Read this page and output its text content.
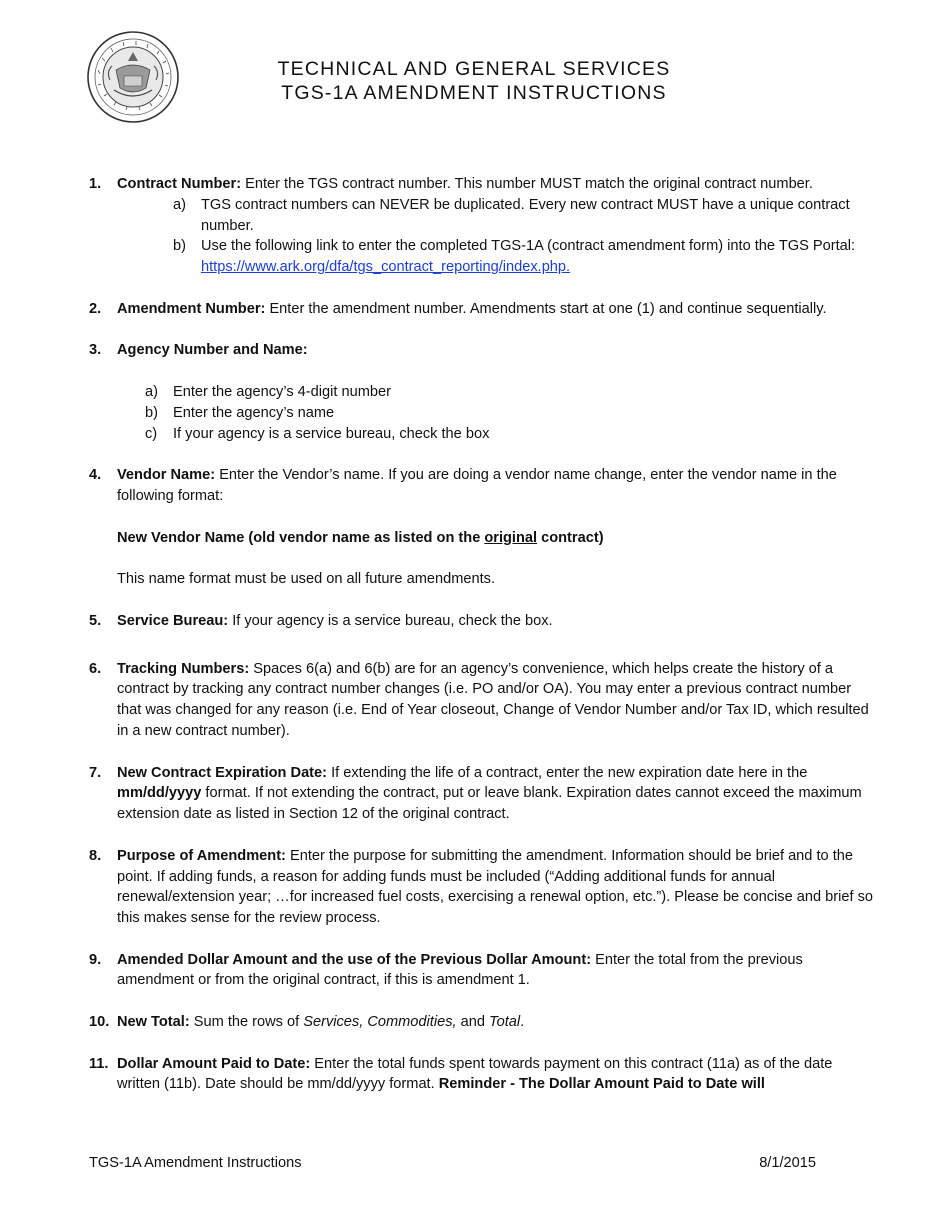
TECHNICAL AND GENERAL SERVICES
TGS-1A AMENDMENT INSTRUCTIONS
1. Contract Number: Enter the TGS contract number. This number MUST match the original contract number.

a) TGS contract numbers can NEVER be duplicated. Every new contract MUST have a unique contract number.
b) Use the following link to enter the completed TGS-1A (contract amendment form) into the TGS Portal: https://www.ark.org/dfa/tgs_contract_reporting/index.php.
2. Amendment Number: Enter the amendment number. Amendments start at one (1) and continue sequentially.

3. Agency Number and Name:

a) Enter the agency’s 4-digit number
b) Enter the agency’s name
c) If your agency is a service bureau, check the box
4. Vendor Name: Enter the Vendor’s name. If you are doing a vendor name change, enter the vendor name in the following format:

New Vendor Name (old vendor name as listed on the original contract)

This name format must be used on all future amendments.

5. Service Bureau: If your agency is a service bureau, check the box.

6. Tracking Numbers: Spaces 6(a) and 6(b) are for an agency’s convenience, which helps create the history of a contract by tracking any contract number changes (i.e. PO and/or OA). You may enter a previous contract number that was changed for any reason (i.e. End of Year closeout, Change of Vendor Number and/or Tax ID, which resulted in a new contract number).

7. New Contract Expiration Date: If extending the life of a contract, enter the new expiration date here in the mm/dd/yyyy format. If not extending the contract, put or leave blank. Expiration dates cannot exceed the maximum extension date as listed in Section 12 of the original contract.

8. Purpose of Amendment: Enter the purpose for submitting the amendment. Information should be brief and to the point. If adding funds, a reason for adding funds must be included (“Adding additional funds for annual renewal/extension year; …for increased fuel costs, exercising a renewal option, etc.”). Please be concise and brief so this makes sense for the review process.

9. Amended Dollar Amount and the use of the Previous Dollar Amount: Enter the total from the previous amendment or from the original contract, if this is amendment 1.

10. New Total: Sum the rows of Services, Commodities, and Total.

11. Dollar Amount Paid to Date: Enter the total funds spent towards payment on this contract (11a) as of the date written (11b). Date should be mm/dd/yyyy format. Reminder - The Dollar Amount Paid to Date will

TGS-1A Amendment Instructions	8/1/2015
